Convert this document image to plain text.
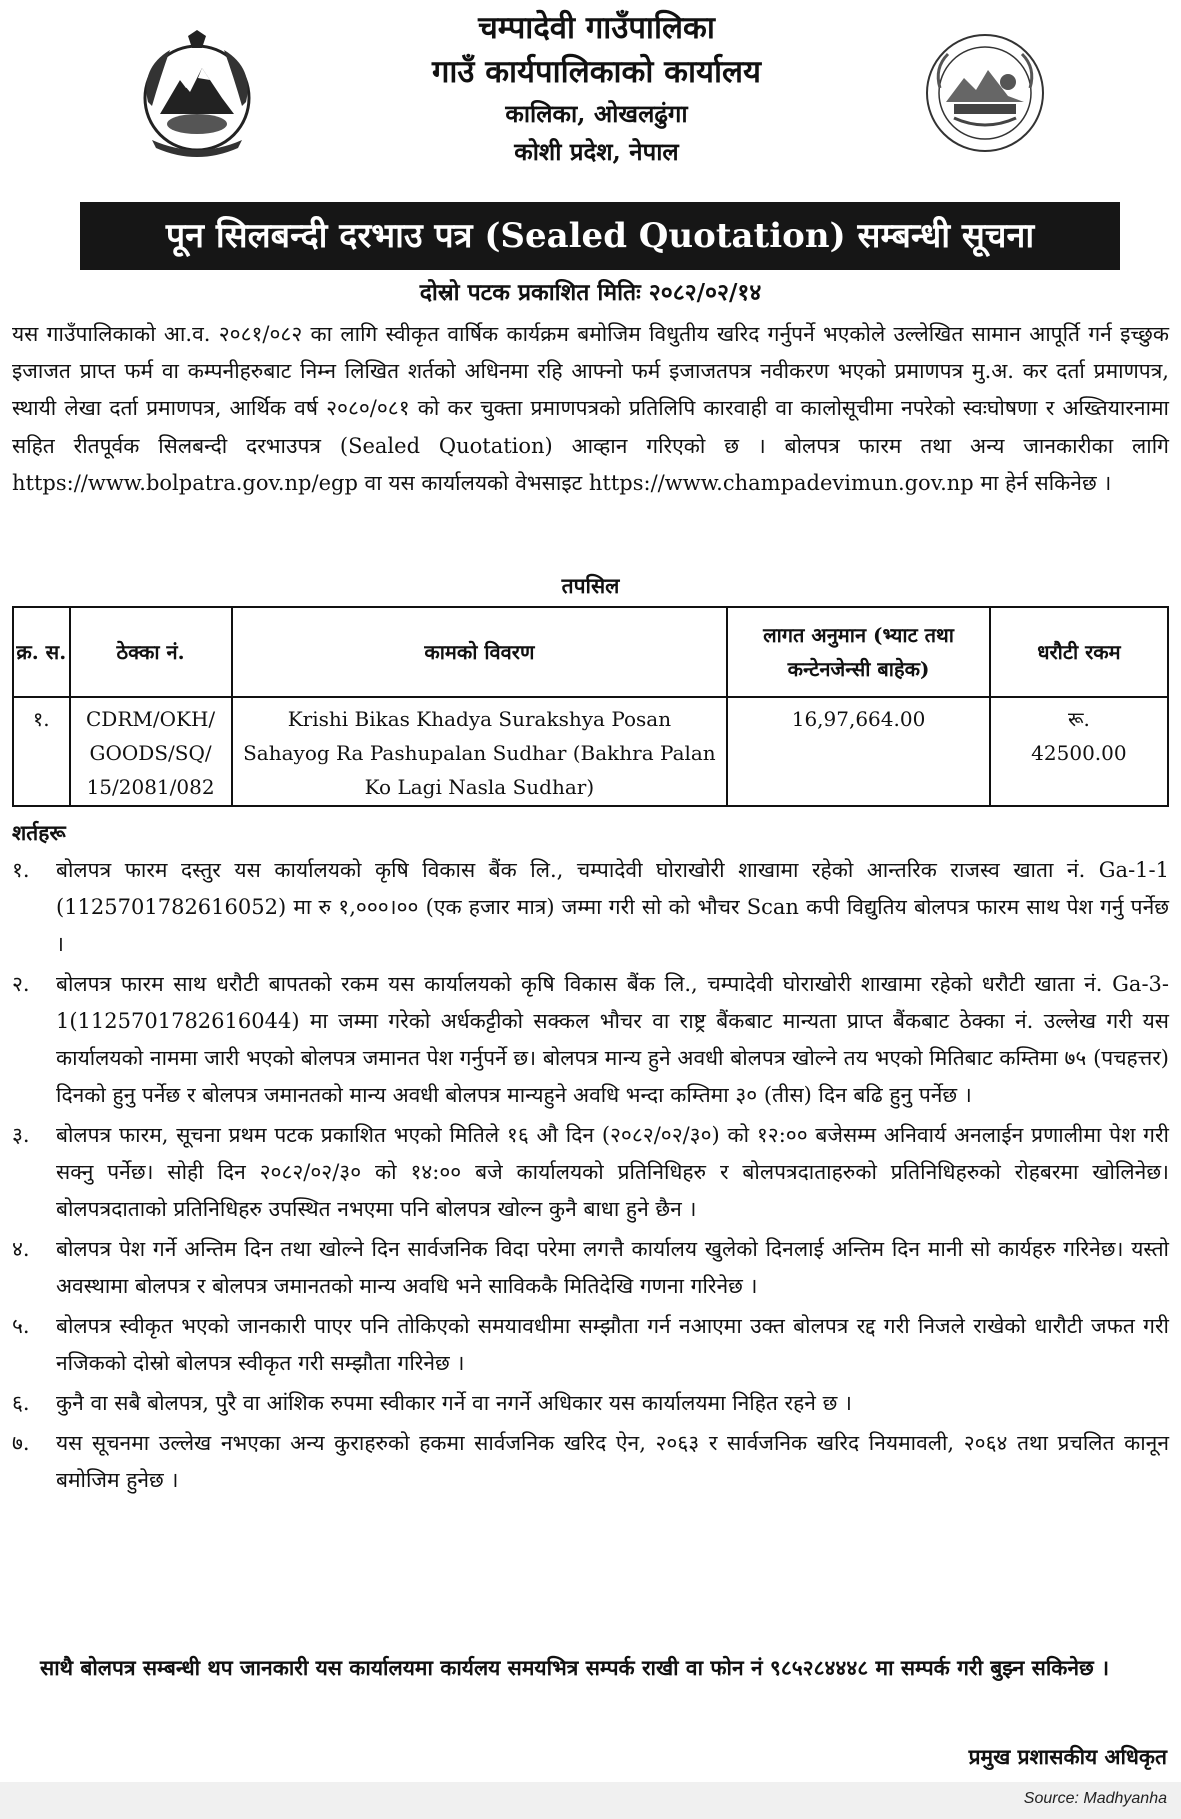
चम्पादेवी गाउँपालिका
गाउँ कार्यपालिकाको कार्यालय
कालिका, ओखलढुंगा
कोशी प्रदेश, नेपाल
पून सिलबन्दी दरभाउ पत्र (Sealed Quotation) सम्बन्धी सूचना
दोस्रो पटक प्रकाशित मितिः २०८२/०२/१४
यस गाउँपालिकाको आ.व. २०८१/०८२ का लागि स्वीकृत वार्षिक कार्यक्रम बमोजिम विधुतीय खरिद गर्नुपर्ने भएकोले उल्लेखित सामान आपूर्ति गर्न इच्छुक इजाजत प्राप्त फर्म वा कम्पनीहरुबाट निम्न लिखित शर्तको अधिनमा रहि आफ्नो फर्म इजाजतपत्र नवीकरण भएको प्रमाणपत्र मु.अ. कर दर्ता प्रमाणपत्र, स्थायी लेखा दर्ता प्रमाणपत्र, आर्थिक वर्ष २०८०/०८१ को कर चुक्ता प्रमाणपत्रको प्रतिलिपि कारवाही वा कालोसूचीमा नपरेको स्वःघोषणा र अख्तियारनामा सहित रीतपूर्वक सिलबन्दी दरभाउपत्र (Sealed Quotation) आव्हान गरिएको छ । बोलपत्र फारम तथा अन्य जानकारीका लागि https://www.bolpatra.gov.np/egp वा यस कार्यालयको वेभसाइट https://www.champadevimun.gov.np मा हेर्न सकिनेछ ।
तपसिल
क्र. स.	ठेक्का नं.	कामको विवरण	लागत अनुमान (भ्याट तथा कन्टेनजेन्सी बाहेक)	धरौटी रकम
१.	CDRM/OKH/ GOODS/SQ/ 15/2081/082	Krishi Bikas Khadya Surakshya Posan Sahayog Ra Pashupalan Sudhar (Bakhra Palan Ko Lagi Nasla Sudhar)	16,97,664.00	रू. 42500.00
शर्तहरू
१.	बोलपत्र फारम दस्तुर यस कार्यालयको कृषि विकास बैंक लि., चम्पादेवी घोराखोरी शाखामा रहेको आन्तरिक राजस्व खाता नं. Ga-1-1 (1125701782616052) मा रु १,०००।०० (एक हजार मात्र) जम्मा गरी सो को भौचर Scan कपी विद्युतिय बोलपत्र फारम साथ पेश गर्नु पर्नेछ ।
२.	बोलपत्र फारम साथ धरौटी बापतको रकम यस कार्यालयको कृषि विकास बैंक लि., चम्पादेवी घोराखोरी शाखामा रहेको धरौटी खाता नं. Ga-3-1(1125701782616044) मा जम्मा गरेको अर्धकट्टीको सक्कल भौचर वा राष्ट्र बैंकबाट मान्यता प्राप्त बैंकबाट ठेक्का नं. उल्लेख गरी यस कार्यालयको नाममा जारी भएको बोलपत्र जमानत पेश गर्नुपर्ने छ। बोलपत्र मान्य हुने अवधी बोलपत्र खोल्ने तय भएको मितिबाट कम्तिमा ७५ (पचहत्तर) दिनको हुनु पर्नेछ र बोलपत्र जमानतको मान्य अवधी बोलपत्र मान्यहुने अवधि भन्दा कम्तिमा ३० (तीस) दिन बढि हुनु पर्नेछ ।
३.	बोलपत्र फारम, सूचना प्रथम पटक प्रकाशित भएको मितिले १६ औ दिन (२०८२/०२/३०) को १२:०० बजेसम्म अनिवार्य अनलाईन प्रणालीमा पेश गरी सक्नु पर्नेछ। सोही दिन २०८२/०२/३० को १४:०० बजे कार्यालयको प्रतिनिधिहरु र बोलपत्रदाताहरुको प्रतिनिधिहरुको रोहबरमा खोलिनेछ। बोलपत्रदाताको प्रतिनिधिहरु उपस्थित नभएमा पनि बोलपत्र खोल्न कुनै बाधा हुने छैन ।
४.	बोलपत्र पेश गर्ने अन्तिम दिन तथा खोल्ने दिन सार्वजनिक विदा परेमा लगत्तै कार्यालय खुलेको दिनलाई अन्तिम दिन मानी सो कार्यहरु गरिनेछ। यस्तो अवस्थामा बोलपत्र र बोलपत्र जमानतको मान्य अवधि भने साविककै मितिदेखि गणना गरिनेछ ।
५.	बोलपत्र स्वीकृत भएको जानकारी पाएर पनि तोकिएको समयावधीमा सम्झौता गर्न नआएमा उक्त बोलपत्र रद्द गरी निजले राखेको धारौटी जफत गरी नजिकको दोस्रो बोलपत्र स्वीकृत गरी सम्झौता गरिनेछ ।
६.	कुनै वा सबै बोलपत्र, पुरै वा आंशिक रुपमा स्वीकार गर्ने वा नगर्ने अधिकार यस कार्यालयमा निहित रहने छ ।
७.	यस सूचनमा उल्लेख नभएका अन्य कुराहरुको हकमा सार्वजनिक खरिद ऐन, २०६३ र सार्वजनिक खरिद नियमावली, २०६४ तथा प्रचलित कानून बमोजिम हुनेछ ।
साथै बोलपत्र सम्बन्धी थप जानकारी यस कार्यालयमा कार्यलय समयभित्र सम्पर्क राखी वा फोन नं ९८५२८४४४८ मा सम्पर्क गरी बुझ्न सकिनेछ ।
प्रमुख प्रशासकीय अधिकृत
Source: Madhyanha
